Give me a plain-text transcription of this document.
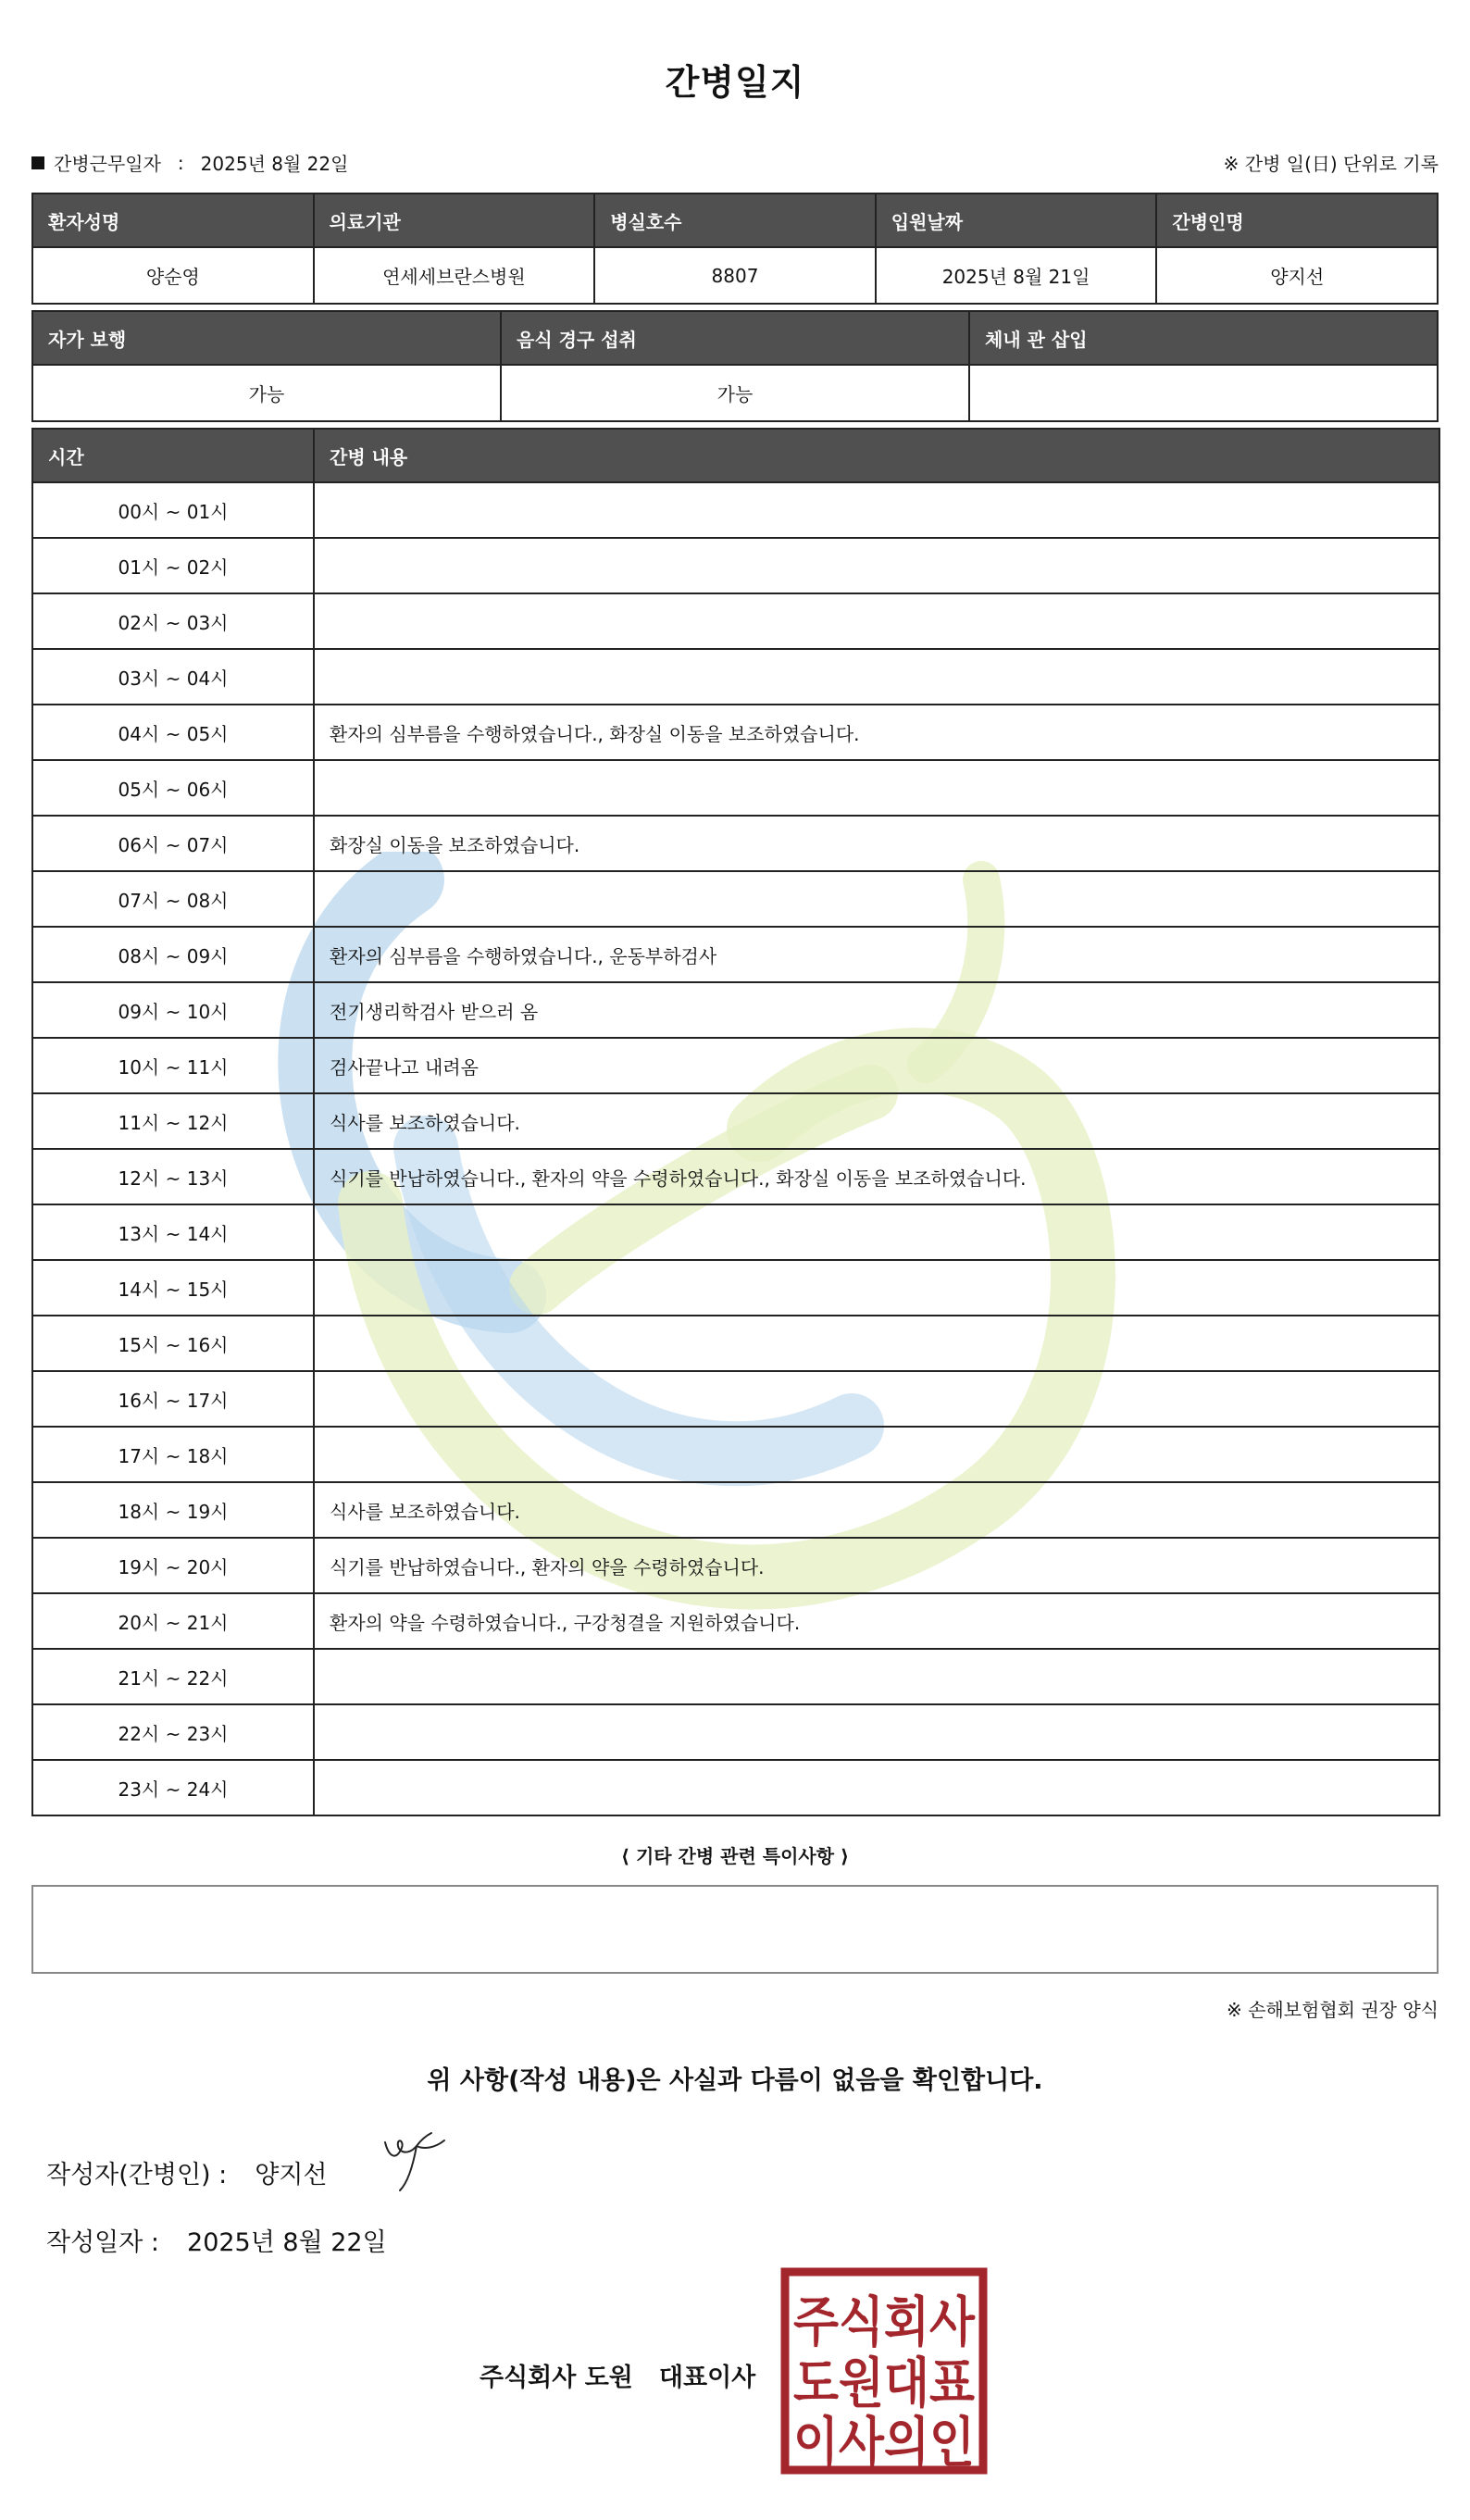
간병일지
간병근무일자 : 2025년 8월 22일	※ 간병 일(日) 단위로 기록
환자성명	의료기관	병실호수	입원날짜	간병인명
양순영	연세세브란스병원	8807	2025년 8월 21일	양지선
자가 보행	음식 경구 섭취	체내 관 삽입
가능	가능	
시간	간병 내용
00시 ~ 01시	
01시 ~ 02시	
02시 ~ 03시	
03시 ~ 04시	
04시 ~ 05시	환자의 심부름을 수행하였습니다., 화장실 이동을 보조하였습니다.
05시 ~ 06시	
06시 ~ 07시	화장실 이동을 보조하였습니다.
07시 ~ 08시	
08시 ~ 09시	환자의 심부름을 수행하였습니다., 운동부하검사
09시 ~ 10시	전기생리학검사 받으러 옴
10시 ~ 11시	검사끝나고 내려옴
11시 ~ 12시	식사를 보조하였습니다.
12시 ~ 13시	식기를 반납하였습니다., 환자의 약을 수령하였습니다., 화장실 이동을 보조하였습니다.
13시 ~ 14시	
14시 ~ 15시	
15시 ~ 16시	
16시 ~ 17시	
17시 ~ 18시	
18시 ~ 19시	식사를 보조하였습니다.
19시 ~ 20시	식기를 반납하였습니다., 환자의 약을 수령하였습니다.
20시 ~ 21시	환자의 약을 수령하였습니다., 구강청결을 지원하였습니다.
21시 ~ 22시	
22시 ~ 23시	
23시 ~ 24시	
⟨ 기타 간병 관련 특이사항 ⟩
※ 손해보험협회 권장 양식
위 사항(작성 내용)은 사실과 다름이 없음을 확인합니다.
작성자(간병인) : 양지선
작성일자 : 2025년 8월 22일
주식회사 도원 대표이사
주식회사
도원대표
이사의인
